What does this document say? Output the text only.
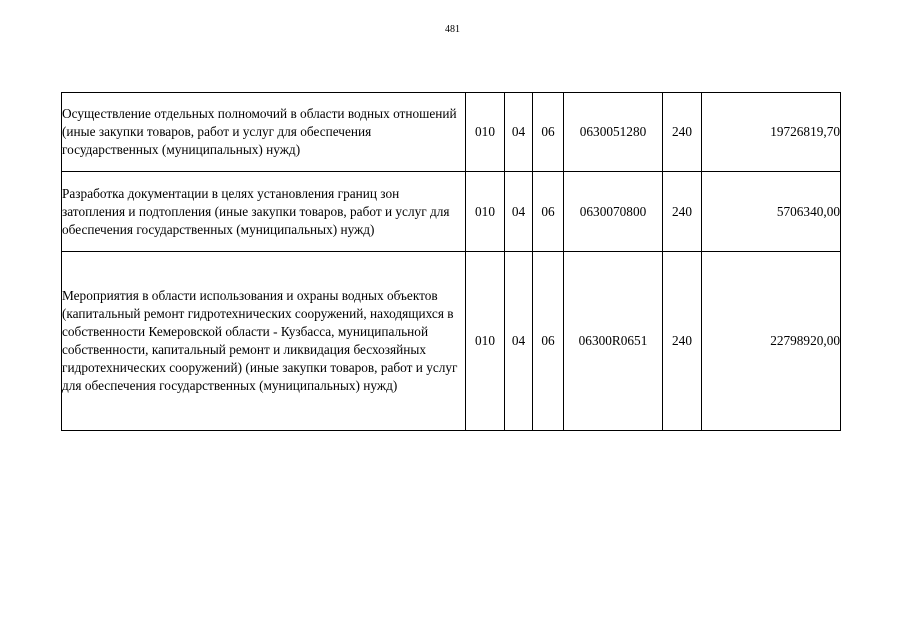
481
Осуществление отдельных полномочий в области водных отношений (иные закупки товаров, работ и услуг для обеспечения государственных (муниципальных) нужд)	010	04	06	0630051280	240	19726819,70

Разработка документации в целях установления границ зон затопления и подтопления (иные закупки товаров, работ и услуг для обеспечения государственных (муниципальных) нужд)	010	04	06	0630070800	240	5706340,00

Мероприятия в области использования и охраны водных объектов (капитальный ремонт гидротехнических сооружений, находящихся в собственности Кемеровской области - Кузбасса, муниципальной собственности, капитальный ремонт и ликвидация бесхозяйных гидротехнических сооружений) (иные закупки товаров, работ и услуг для обеспечения государственных (муниципальных) нужд)	010	04	06	06300R0651	240	22798920,00
